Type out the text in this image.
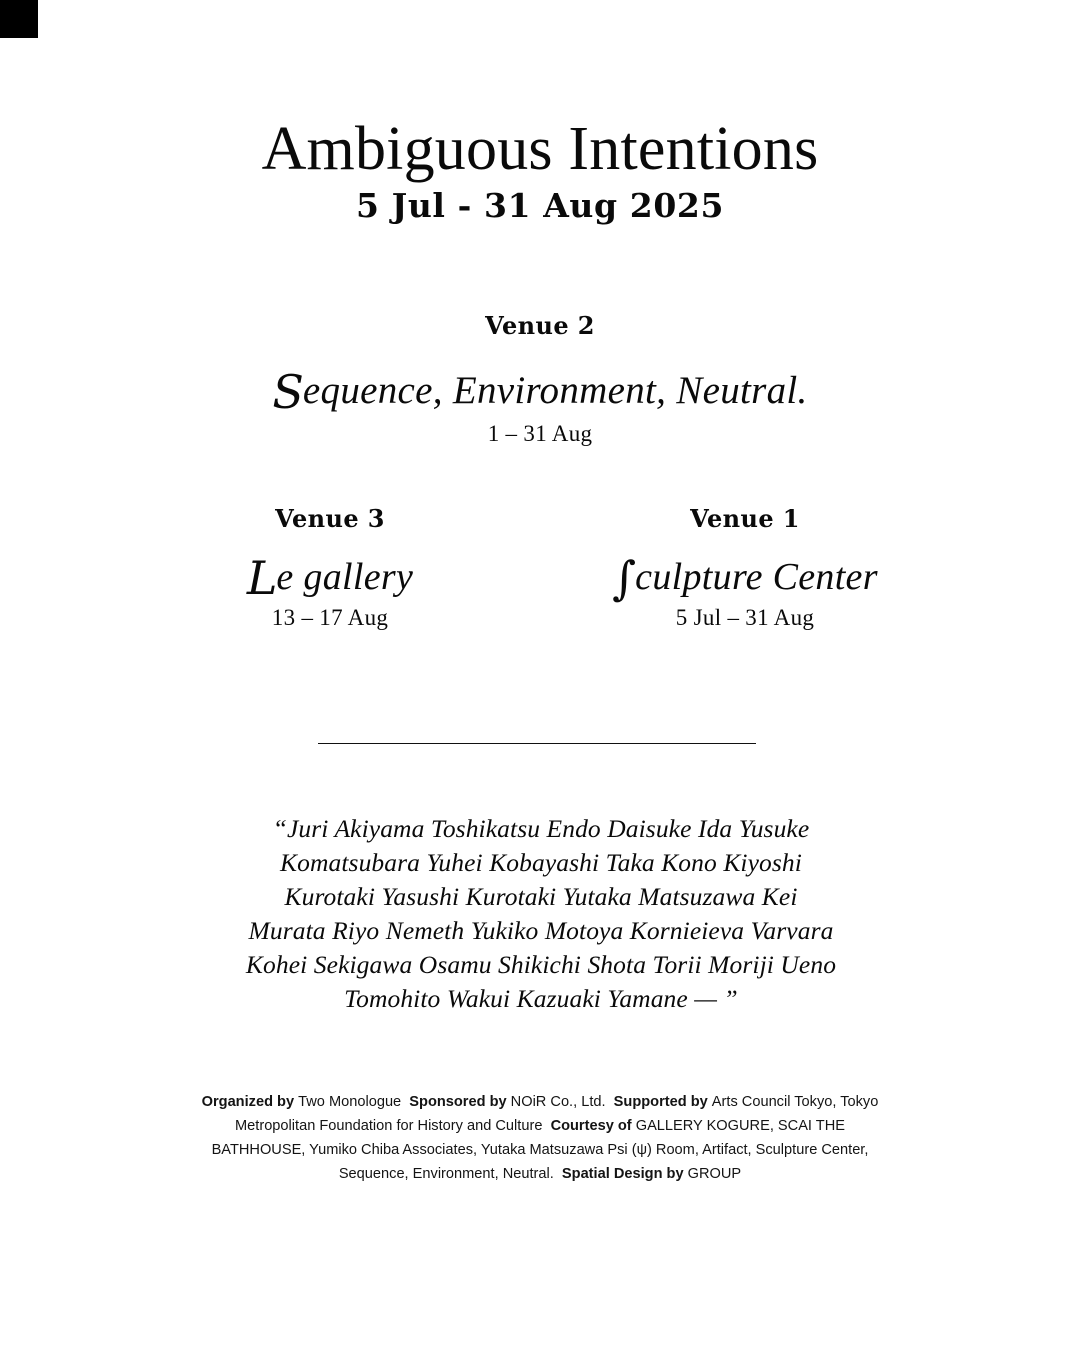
Ambiguous Intentions
5 Jul - 31 Aug 2025
Venue 2
Sequence, Environment, Neutral.
1 – 31 Aug
Venue 3
Le gallery
13 – 17 Aug
Venue 1
∫culpture Center
5 Jul – 31 Aug
“Juri Akiyama Toshikatsu Endo Daisuke Ida Yusuke Komatsubara Yuhei Kobayashi Taka Kono Kiyoshi Kurotaki Yasushi Kurotaki Yutaka Matsuzawa Kei Murata Riyo Nemeth Yukiko Motoya Kornieieva Varvara Kohei Sekigawa Osamu Shikichi Shota Torii Moriji Ueno Tomohito Wakui Kazuaki Yamane — ”
Organized by Two Monologue Sponsored by NOiR Co., Ltd. Supported by Arts Council Tokyo, Tokyo Metropolitan Foundation for History and Culture Courtesy of GALLERY KOGURE, SCAI THE BATHHOUSE, Yumiko Chiba Associates, Yutaka Matsuzawa Psi (ψ) Room, Artifact, Sculpture Center, Sequence, Environment, Neutral. Spatial Design by GROUP
